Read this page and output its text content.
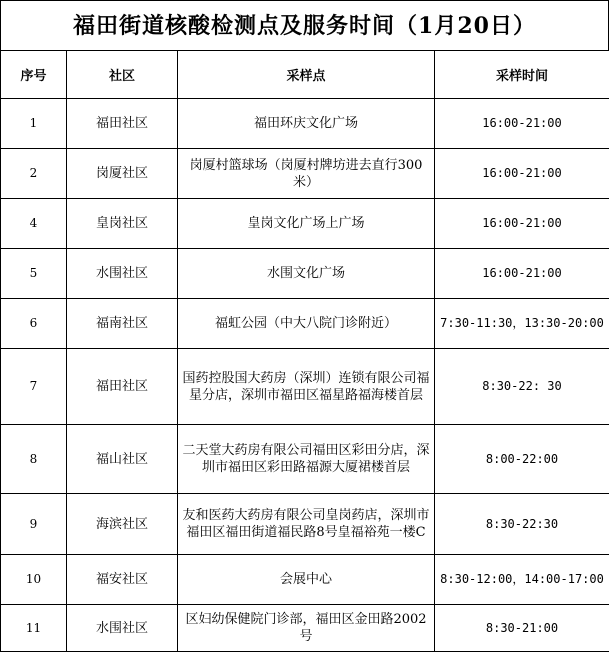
福田街道核酸检测点及服务时间（1月20日）
序号	社区	采样点	采样时间
1	福田社区	福田环庆文化广场	16:00-21:00
2	岗厦社区	岗厦村篮球场（岗厦村牌坊进去直行300米）	16:00-21:00
4	皇岗社区	皇岗文化广场上广场	16:00-21:00
5	水围社区	水围文化广场	16:00-21:00
6	福南社区	福虹公园（中大八院门诊附近）	7:30-11:30，13:30-20:00
7	福田社区	国药控股国大药房（深圳）连锁有限公司福星分店，深圳市福田区福星路福海楼首层	8:30-22: 30
8	福山社区	二天堂大药房有限公司福田区彩田分店，深圳市福田区彩田路福源大厦裙楼首层	8:00-22:00
9	海滨社区	友和医药大药房有限公司皇岗药店，深圳市福田区福田街道福民路8号皇福裕苑一楼C	8:30-22:30
10	福安社区	会展中心	8:30-12:00，14:00-17:00
11	水围社区	区妇幼保健院门诊部，福田区金田路2002号	8:30-21:00
